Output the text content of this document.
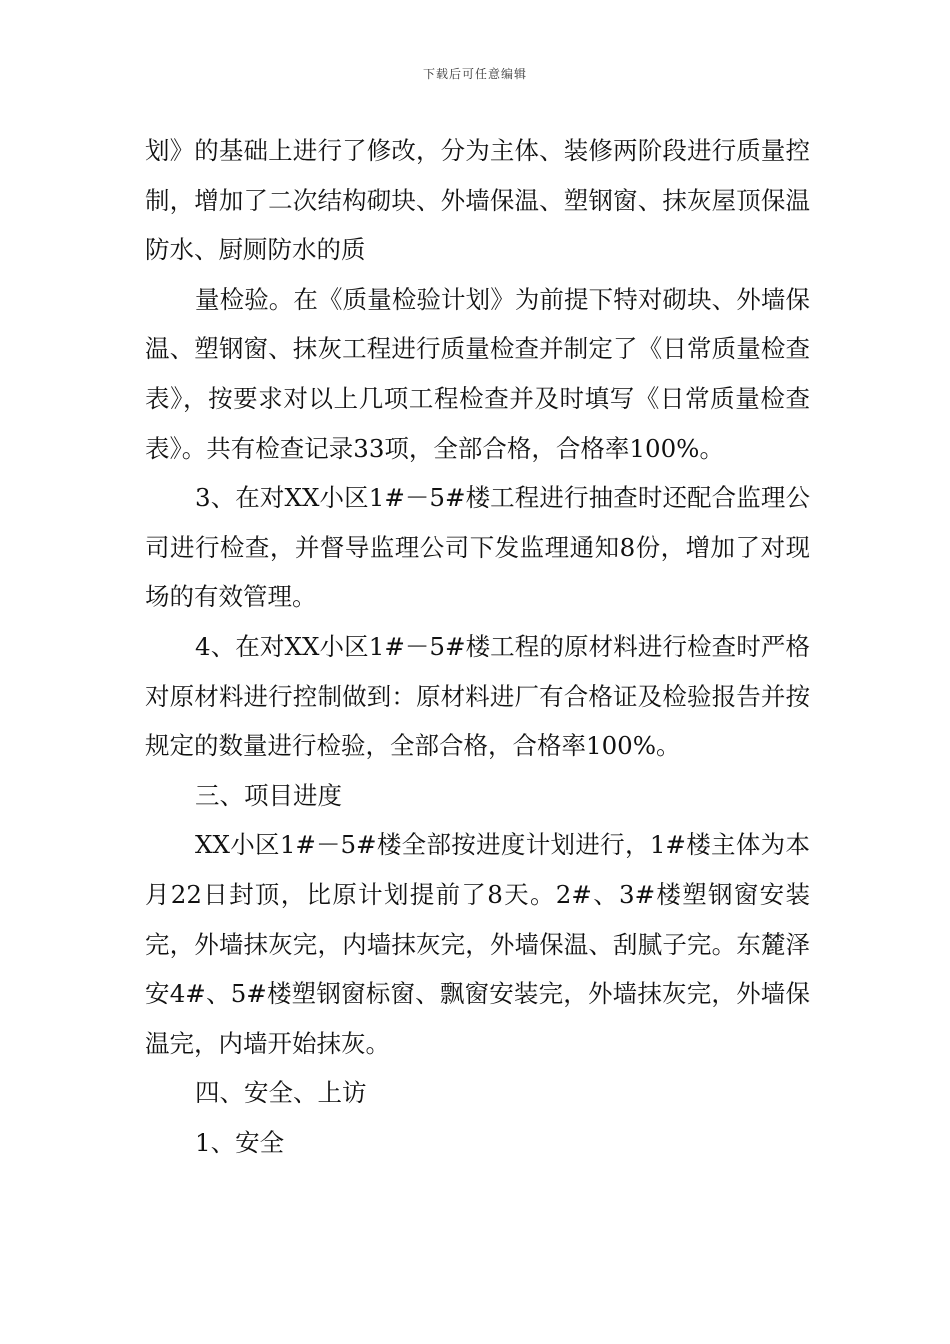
下载后可任意编辑

划》的基础上进行了修改，分为主体、装修两阶段进行质量控制，增加了二次结构砌块、外墙保温、塑钢窗、抹灰屋顶保温防水、厨厕防水的质

量检验。在《质量检验计划》为前提下特对砌块、外墙保温、塑钢窗、抹灰工程进行质量检查并制定了《日常质量检查表》，按要求对以上几项工程检查并及时填写《日常质量检查表》。共有检查记录33项，全部合格，合格率100%。

3、在对XX小区1#－5#楼工程进行抽查时还配合监理公司进行检查，并督导监理公司下发监理通知8份，增加了对现场的有效管理。

4、在对XX小区1#－5#楼工程的原材料进行检查时严格对原材料进行控制做到：原材料进厂有合格证及检验报告并按规定的数量进行检验，全部合格，合格率100%。

三、项目进度

XX小区1#－5#楼全部按进度计划进行，1#楼主体为本月22日封顶，比原计划提前了8天。2#、3#楼塑钢窗安装完，外墙抹灰完，内墙抹灰完，外墙保温、刮腻子完。东麓泽安4#、5#楼塑钢窗标窗、飘窗安装完，外墙抹灰完，外墙保温完，内墙开始抹灰。

四、安全、上访

1、安全
